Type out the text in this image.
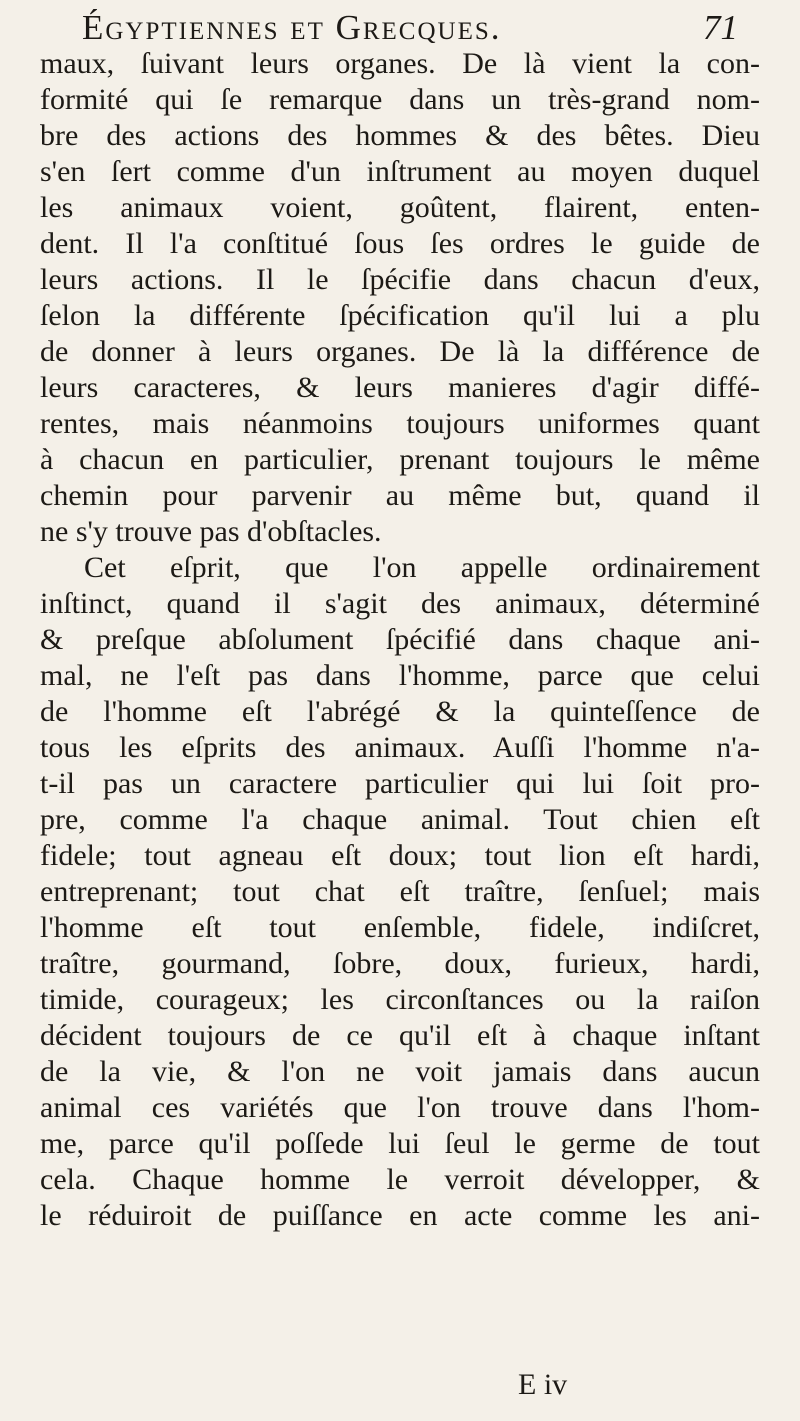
Égyptiennes et Grecques.	71
maux, ſuivant leurs organes. De là vient la con-
formité qui ſe remarque dans un très-grand nom-
bre des actions des hommes & des bêtes. Dieu
s'en ſert comme d'un inſtrument au moyen duquel
les animaux voient, goûtent, flairent, enten-
dent. Il l'a conſtitué ſous ſes ordres le guide de
leurs actions. Il le ſpécifie dans chacun d'eux,
ſelon la différente ſpécification qu'il lui a plu
de donner à leurs organes. De là la différence de
leurs caracteres, & leurs manieres d'agir diffé-
rentes, mais néanmoins toujours uniformes quant
à chacun en particulier, prenant toujours le même
chemin pour parvenir au même but, quand il
ne s'y trouve pas d'obſtacles.
Cet eſprit, que l'on appelle ordinairement
inſtinct, quand il s'agit des animaux, déterminé
& preſque abſolument ſpécifié dans chaque ani-
mal, ne l'eſt pas dans l'homme, parce que celui
de l'homme eſt l'abrégé & la quinteſſence de
tous les eſprits des animaux. Auſſi l'homme n'a-
t-il pas un caractere particulier qui lui ſoit pro-
pre, comme l'a chaque animal. Tout chien eſt
fidele; tout agneau eſt doux; tout lion eſt hardi,
entreprenant; tout chat eſt traître, ſenſuel; mais
l'homme eſt tout enſemble, fidele, indiſcret,
traître, gourmand, ſobre, doux, furieux, hardi,
timide, courageux; les circonſtances ou la raiſon
décident toujours de ce qu'il eſt à chaque inſtant
de la vie, & l'on ne voit jamais dans aucun
animal ces variétés que l'on trouve dans l'hom-
me, parce qu'il poſſede lui ſeul le germe de tout
cela. Chaque homme le verroit développer, &
le réduiroit de puiſſance en acte comme les ani-
E iv
